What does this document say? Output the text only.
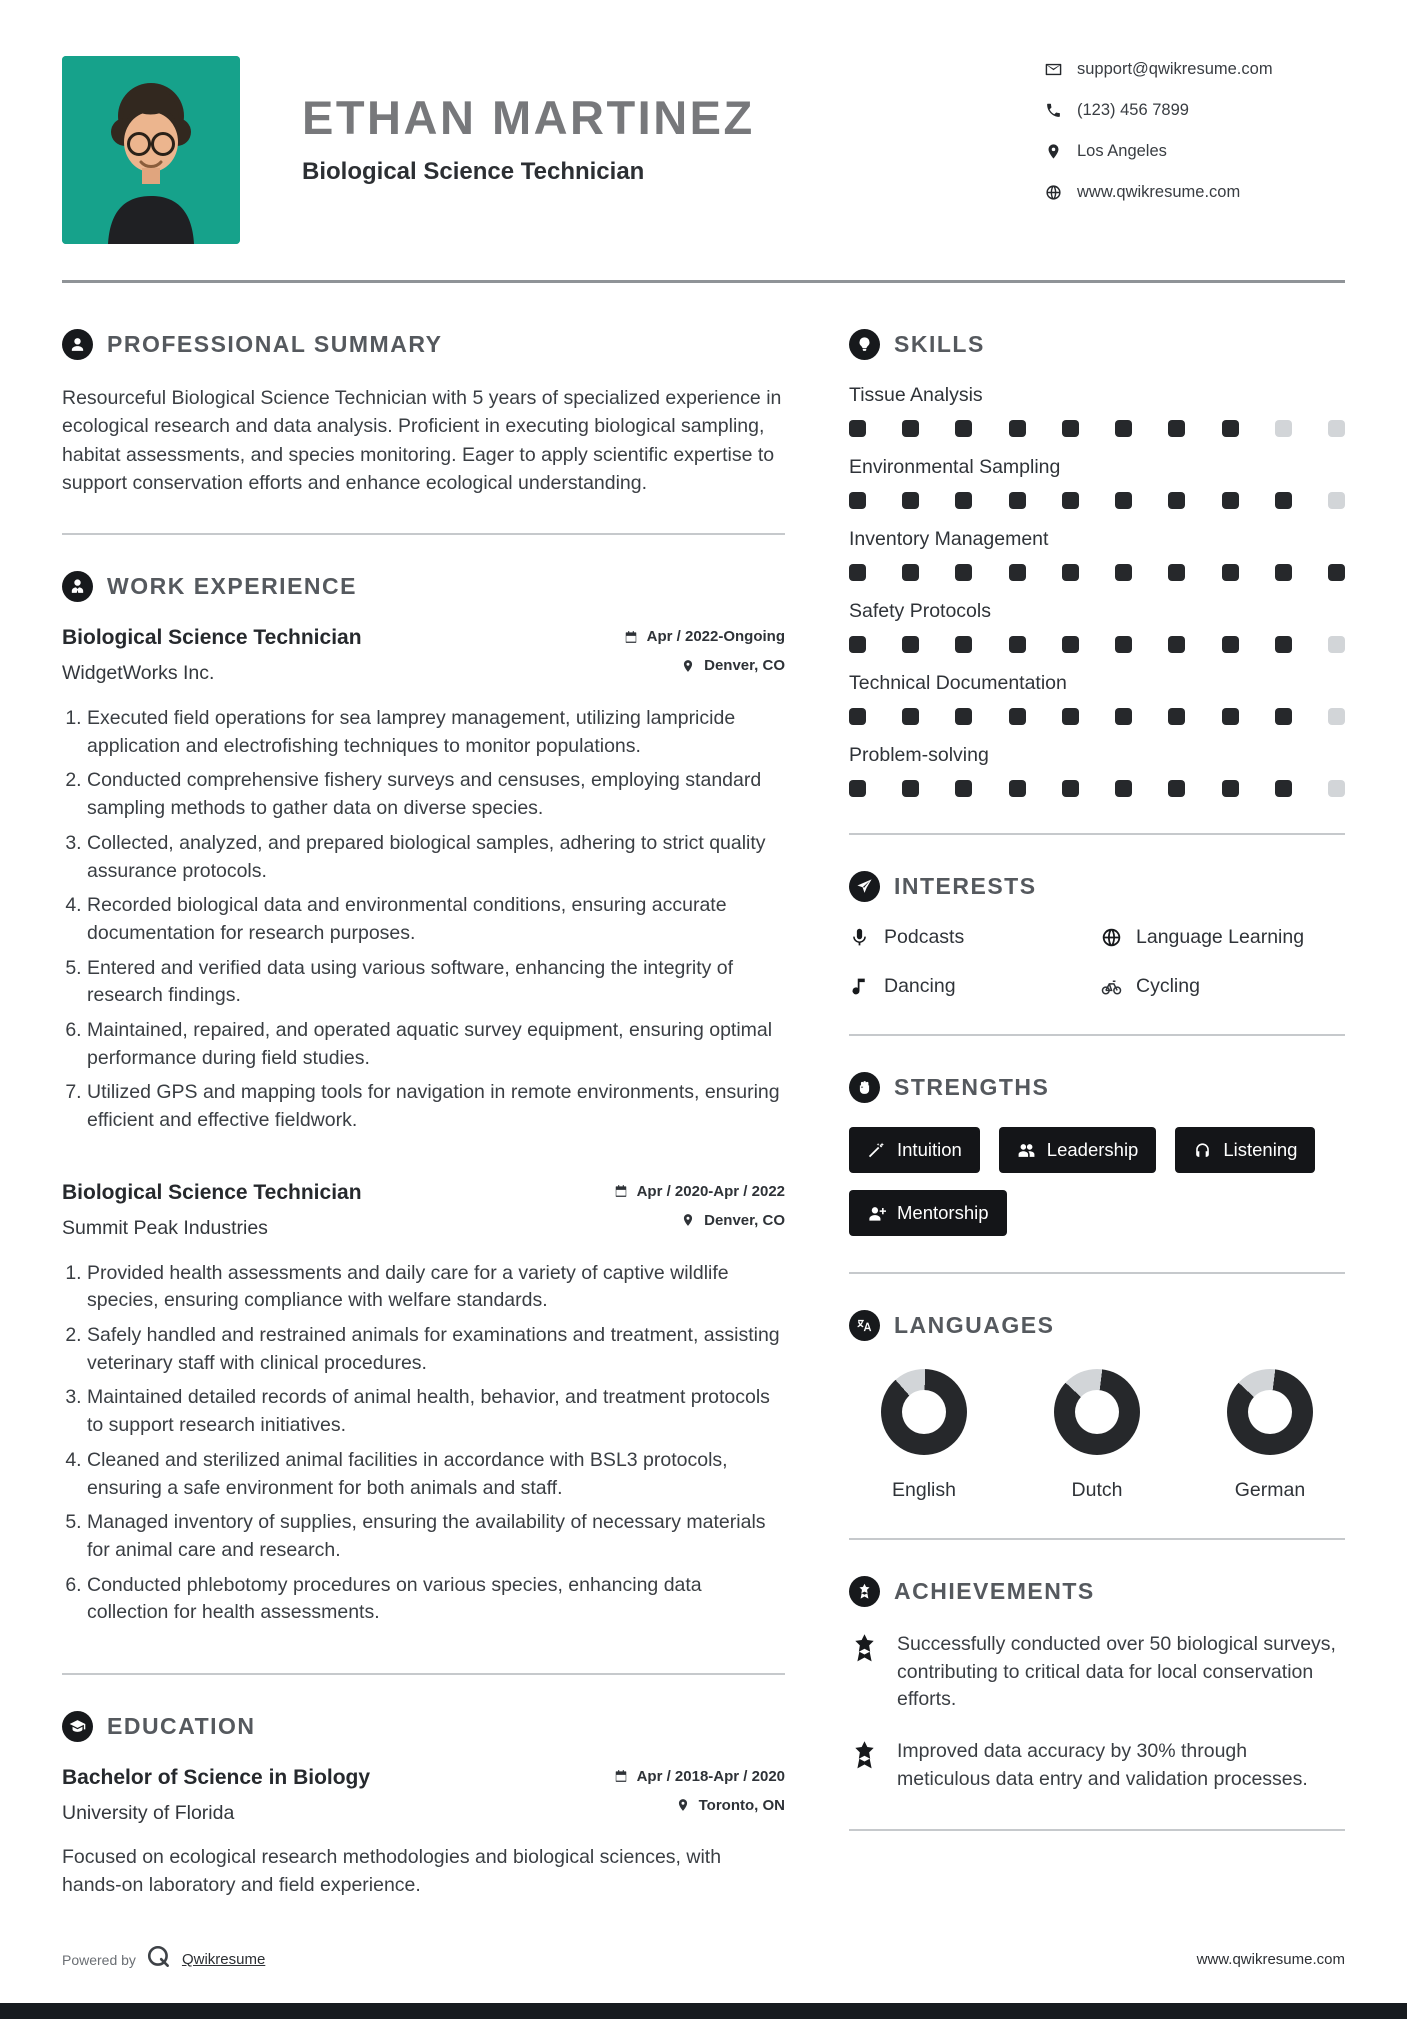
ETHAN MARTINEZ
Biological Science Technician
support@qwikresume.com
(123) 456 7899
Los Angeles
www.qwikresume.com
PROFESSIONAL SUMMARY

Resourceful Biological Science Technician with 5 years of specialized experience in ecological research and data analysis. Proficient in executing biological sampling, habitat assessments, and species monitoring. Eager to apply scientific expertise to support conservation efforts and enhance ecological understanding.

WORK EXPERIENCE
Biological Science Technician
WidgetWorks Inc.
Apr / 2022-Ongoing
Denver, CO
1. Executed field operations for sea lamprey management, utilizing lampricide application and electrofishing techniques to monitor populations.
2. Conducted comprehensive fishery surveys and censuses, employing standard sampling methods to gather data on diverse species.
3. Collected, analyzed, and prepared biological samples, adhering to strict quality assurance protocols.
4. Recorded biological data and environmental conditions, ensuring accurate documentation for research purposes.
5. Entered and verified data using various software, enhancing the integrity of research findings.
6. Maintained, repaired, and operated aquatic survey equipment, ensuring optimal performance during field studies.
7. Utilized GPS and mapping tools for navigation in remote environments, ensuring efficient and effective fieldwork.
Biological Science Technician
Summit Peak Industries
Apr / 2020-Apr / 2022
Denver, CO
1. Provided health assessments and daily care for a variety of captive wildlife species, ensuring compliance with welfare standards.
2. Safely handled and restrained animals for examinations and treatment, assisting veterinary staff with clinical procedures.
3. Maintained detailed records of animal health, behavior, and treatment protocols to support research initiatives.
4. Cleaned and sterilized animal facilities in accordance with BSL3 protocols, ensuring a safe environment for both animals and staff.
5. Managed inventory of supplies, ensuring the availability of necessary materials for animal care and research.
6. Conducted phlebotomy procedures on various species, enhancing data collection for health assessments.
EDUCATION
Bachelor of Science in Biology
University of Florida
Apr / 2018-Apr / 2020
Toronto, ON

Focused on ecological research methodologies and biological sciences, with hands-on laboratory and field experience.

SKILLS
Tissue Analysis
Environmental Sampling
Inventory Management
Safety Protocols
Technical Documentation
Problem-solving
INTERESTS
Podcasts	Language Learning
Dancing	Cycling
STRENGTHS
Intuition	Leadership	Listening
Mentorship
LANGUAGES
English	Dutch	German
ACHIEVEMENTS

Successfully conducted over 50 biological surveys, contributing to critical data for local conservation efforts.

Improved data accuracy by 30% through meticulous data entry and validation processes.

Powered by	Qwikresume	www.qwikresume.com
